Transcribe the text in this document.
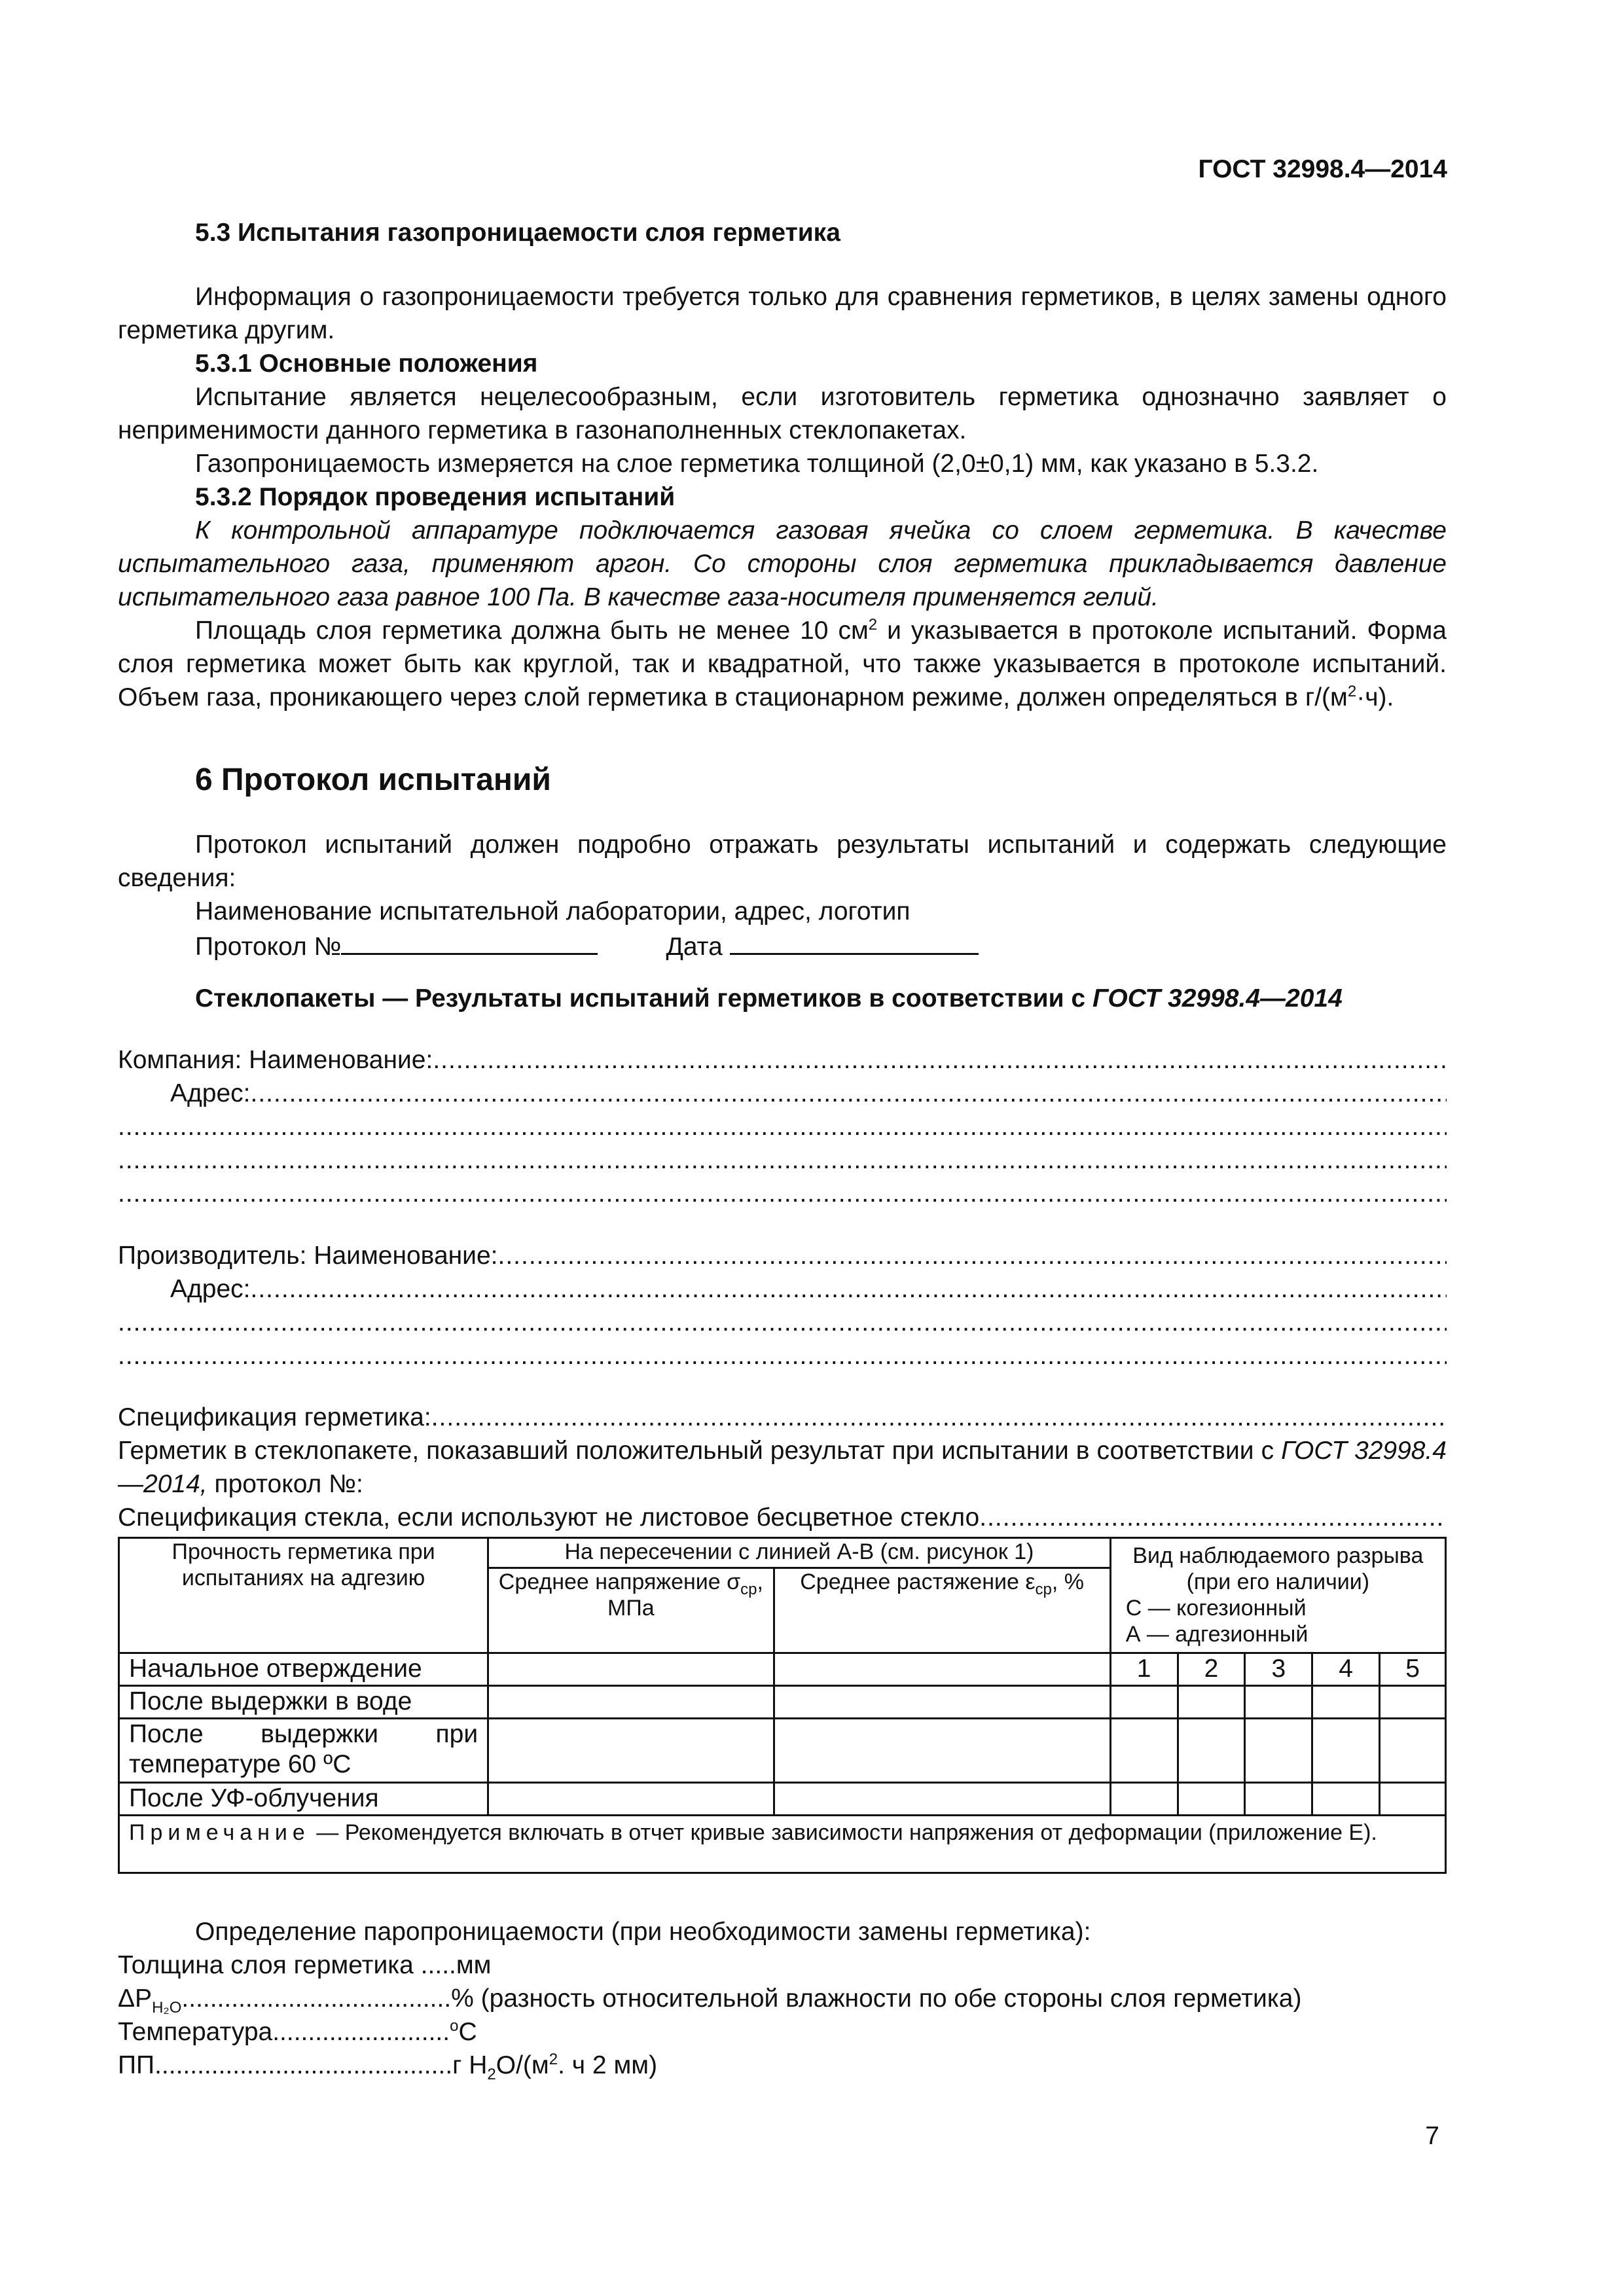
ГОСТ 32998.4—2014
5.3 Испытания газопроницаемости слоя герметика

Информация о газопроницаемости требуется только для сравнения герметиков, в целях замены одного герметика другим.

5.3.1 Основные положения

Испытание является нецелесообразным, если изготовитель герметика однозначно заявляет о неприменимости данного герметика в газонаполненных стеклопакетах.

Газопроницаемость измеряется на слое герметика толщиной (2,0±0,1) мм, как указано в 5.3.2.

5.3.2 Порядок проведения испытаний

К контрольной аппаратуре подключается газовая ячейка со слоем герметика. В качестве испытательного газа, применяют аргон. Со стороны слоя герметика прикладывается давление испытательного газа равное 100 Па. В качестве газа-носителя применяется гелий.

Площадь слоя герметика должна быть не менее 10 $см^2$ и указывается в протоколе испытаний. Форма слоя герметика может быть как круглой, так и квадратной, что также указывается в протоколе испытаний. Объем газа, проникающего через слой герметика в стационарном режиме, должен определяться в $г/(м^2\cdot ч)$.

6 Протокол испытаний

Протокол испытаний должен подробно отражать результаты испытаний и содержать следующие сведения:

Наименование испытательной лаборатории, адрес, логотип

Протокол №	Дата

Стеклопакеты — Результаты испытаний герметиков в соответствии с ГОСТ 32998.4—2014
Компания: Наименование:
.....
Адрес:
.....
.....
.....
.....
Производитель: Наименование:
.....
Адрес:
.....
.....
.....
Спецификация герметика:
.....

Герметик в стеклопакете, показавший положительный результат при испытании в соответствии с ГОСТ 32998.4—2014, протокол №:

Спецификация стекла, если используют не листовое бесцветное стекло
.....
Прочность герметика при испытаниях на адгезию	На пересечении с линией А-В (см. рисунок 1)		Вид наблюдаемого разрыва (при его наличии)
С — когезионный
А — адгезионный				

	Среднее напряжение $\sigma_{ср}$, МПа	Среднее растяжение $\varepsilon_{ср}$, %					
Начальное отверждение			1	2	3	4	5
После выдержки в воде							
После выдержки при температуре 60 ºС							
После УФ-облучения							
Примечание — Рекомендуется включать в отчет кривые зависимости напряжения от деформации (приложение Е).							

Определение паропроницаемости (при необходимости замены герметика):

Толщина слоя герметика .....мм

$\Delta P_{H_2O}......................................\%$ (разность относительной влажности по обе стороны слоя герметика)

Температура.........................$^о$С

ПП..........................................г $Н_2О/(м^2$. ч 2 мм)

7
